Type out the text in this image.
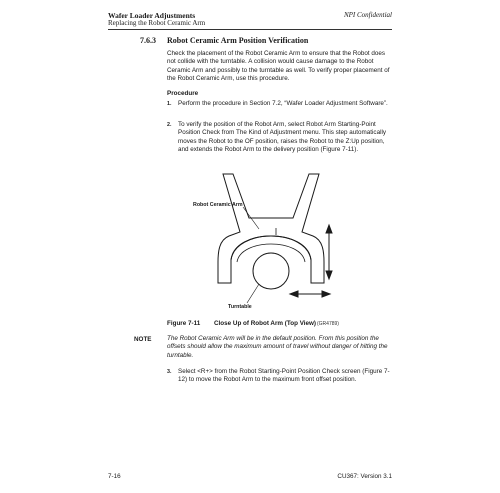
Wafer Loader Adjustments
Replacing the Robot Ceramic Arm
NPI Confidential
7.6.3 Robot Ceramic Arm Position Verification
Check the placement of the Robot Ceramic Arm to ensure that the Robot does not collide with the turntable. A collision would cause damage to the Robot Ceramic Arm and possibly to the turntable as well. To verify proper placement of the Robot Ceramic Arm, use this procedure.
Procedure
1. Perform the procedure in Section 7.2, “Wafer Loader Adjustment Software”.
2. To verify the position of the Robot Arm, select Robot Arm Starting-Point Position Check from The Kind of Adjustment menu. This step automatically moves the Robot to the OF position, raises the Robot to the Z:Up position, and extends the Robot Arm to the delivery position (Figure 7-11).
Robot Ceramic Arm
Turntable
Figure 7-11 Close Up of Robot Arm (Top View) (GR4789)
NOTE The Robot Ceramic Arm will be in the default position. From this position the offsets should allow the maximum amount of travel without danger of hitting the turntable.
3. Select <R+> from the Robot Starting-Point Position Check screen (Figure 7-12) to move the Robot Arm to the maximum front offset position.
7-16	CU367: Version 3.1
